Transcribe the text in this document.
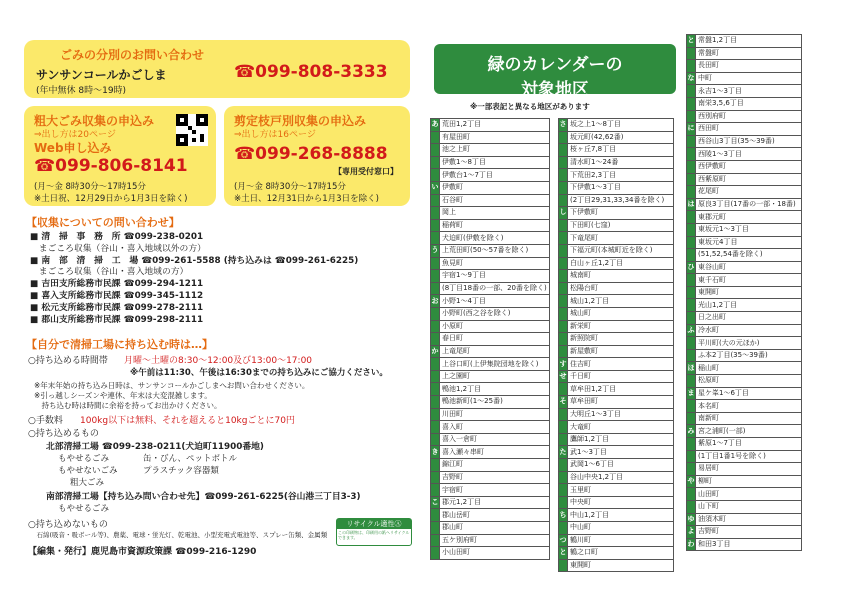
ごみの分別のお問い合わせ
サンサンコールかごしま	☎099-808-3333
(年中無休 8時〜19時)
粗大ごみ収集の申込み
⇒出し方は20ページ
Web申し込み
☎099-806-8141
(月〜金 8時30分〜17時15分
※土日祝、12月29日から1月3日を除く)
剪定枝戸別収集の申込み
⇒出し方は16ページ
☎099-268-8888
【専用受付窓口】
(月〜金 8時30分〜17時15分
※土日、12月31日から1月3日を除く)
【収集についての問い合わせ】
■ 清　掃　事　務　所 ☎099-238-0201
　まごころ収集（谷山・喜入地域以外の方）
■ 南　部　清　掃　工　場 ☎099-261-5588 (持ち込みは ☎099-261-6225)
　まごころ収集（谷山・喜入地域の方）
■ 吉田支所総務市民課 ☎099-294-1211
■ 喜入支所総務市民課 ☎099-345-1112
■ 松元支所総務市民課 ☎099-278-2111
■ 郡山支所総務市民課 ☎099-298-2111
【自分で清掃工場に持ち込む時は…】
○持ち込める時間帯 月曜〜土曜の8:30〜12:00及び13:00〜17:00
※午前は11:30、午後は16:30までの持ち込みにご協力ください。
※年末年始の持ち込み日時は、サンサンコールかごしまへお問い合わせください。
※引っ越しシーズンや連休、年末は大変混雑します。
　持ち込む時は時間に余裕を持ってお出かけください。
○手数料 100kg以下は無料、それを超えると10kgごとに70円
○持ち込めるもの
北部清掃工場 ☎099-238-0211(犬迫町11900番地)
もやせるごみ　　　　缶・びん、ペットボトル
もやせないごみ　　　プラスチック容器類
粗大ごみ
南部清掃工場【持ち込み問い合わせ先】☎099-261-6225(谷山港三丁目3-3)
もやせるごみ
○持ち込めないもの
　石綿(吸音・吸ボール等)、農薬、電球・蛍光灯、乾電池、小型充電式電池等、スプレー缶類、金属類
リサイクル適性Ⓐ
この印刷物は、印刷用の紙へリサイクルできます。
【編集・発行】鹿児島市資源政策課 ☎099-216-1290
緑のカレンダーの
対象地区
※一部表記と異なる地区があります
あ	荒田1,2丁目
	有屋田町
	池之上町
	伊敷1〜8丁目
	伊敷台1〜7丁目
い	伊敷町
	石谷町
	岡上
	稲荷町
	犬迫町(伊敷を除く)
う	上荒田町(50〜57番を除く)
	魚見町
	宇宿1〜9丁目
	(8丁目18番の一部、20番を除く)
お	小野1〜4丁目
	小野町(西之谷を除く)
	小原町
	春日町
か	上竜尾町
	上谷口町(上伊集院団地を除く)
	上之園町
	鴨池1,2丁目
	鴨池新町(1〜25番)
	川田町
	喜入町
	喜入一倉町
き	喜入瀬々串町
	錦江町
	吉野町
	宇宿町
こ	郡元1,2丁目
	郡山岳町
	郡山町
	五ケ別府町
	小山田町
さ	坂之上1〜8丁目
	坂元町(42,62番)
	桜ヶ丘7,8丁目
	清水町1〜24番
	下荒田2,3丁目
	下伊敷1〜3丁目
	(2丁目29,31,33,34番を除く)
し	下伊敷町
	下田町(七窪)
	下竜尾町
	下福元町(本城町近を除く)
	白山ヶ丘1,2丁目
	城南町
	松陽台町
	城山1,2丁目
	城山町
	新栄町
	新照院町
	新屋敷町
す	住吉町
せ	千日町
	草牟田1,2丁目
そ	草牟田町
	大明丘1〜3丁目
	大竜町
	鷹師1,2丁目
た	武1〜3丁目
	武岡1〜6丁目
	谷山中央1,2丁目
	玉里町
	中央町
ち	中山1,2丁目
	中山町
つ	鶴川町
と	鶴之口町
	東開町
と	常盤1,2丁目
	常盤町
	長田町
な	中町
	永吉1〜3丁目
	南栄3,5,6丁目
	西別府町
に	西田町
	西谷山3丁目(35〜39番)
	西陵1〜3丁目
	西伊敷町
	西紫原町
	花尾町
は	原良3丁目(17番の一部・18番)
	東郡元町
	東坂元1〜3丁目
	東坂元4丁目
	(51,52,54番を除く)
ひ	東谷山町
	東千石町
	東開町
	光山1,2丁目
	日之出町
ふ	冷水町
	平川町(大の元ほか)
	ふ本2丁目(35〜39番)
ほ	稲山町
	松原町
ま	星ケ峯1〜6丁目
	本名町
	南新町
み	宮之浦町(一部)
	紫原1〜7丁目
	(1丁目1番1号を除く)
	易居町
や	柳町
	山田町
	山下町
ゆ	油須木町
よ	吉野町
わ	和田3丁目
